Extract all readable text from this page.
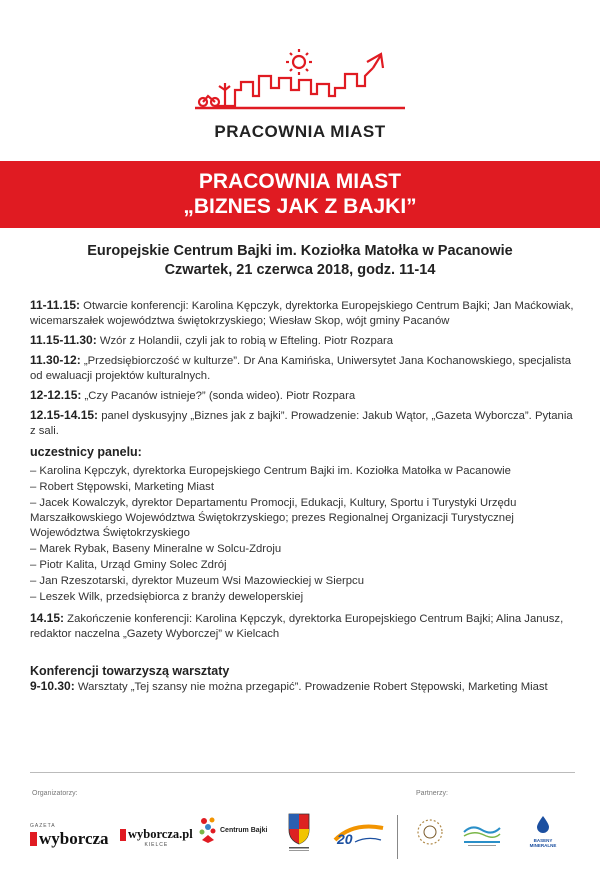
PRACOWNIA MIAST
PRACOWNIA MIAST
„BIZNES JAK Z BAJKI”
Europejskie Centrum Bajki im. Koziołka Matołka w Pacanowie
Czwartek, 21 czerwca 2018, godz. 11-14
11-11.15: Otwarcie konferencji: Karolina Kępczyk, dyrektorka Europejskiego Centrum Bajki; Jan Maćkowiak, wicemarszałek województwa świętokrzyskiego; Wiesław Skop, wójt gminy Pacanów
11.15-11.30: Wzór z Holandii, czyli jak to robią w Efteling. Piotr Rozpara
11.30-12: „Przedsiębiorczość w kulturze”. Dr Ana Kamińska, Uniwersytet Jana Kochanowskiego, specjalista od ewaluacji projektów kulturalnych.
12-12.15: „Czy Pacanów istnieje?” (sonda wideo). Piotr Rozpara
12.15-14.15: panel dyskusyjny „Biznes jak z bajki”. Prowadzenie: Jakub Wątor, „Gazeta Wyborcza”. Pytania z sali.
uczestnicy panelu:
– Karolina Kępczyk, dyrektorka Europejskiego Centrum Bajki im. Koziołka Matołka w Pacanowie
– Robert Stępowski, Marketing Miast
– Jacek Kowalczyk, dyrektor Departamentu Promocji, Edukacji, Kultury, Sportu i Turystyki Urzędu Marszałkowskiego Województwa Świętokrzyskiego; prezes Regionalnej Organizacji Turystycznej Województwa Świętokrzyskiego
– Marek Rybak, Baseny Mineralne w Solcu-Zdroju
– Piotr Kalita, Urząd Gminy Solec Zdrój
– Jan Rzeszotarski, dyrektor Muzeum Wsi Mazowieckiej w Sierpcu
– Leszek Wilk, przedsiębiorca z branży deweloperskiej
14.15: Zakończenie konferencji: Karolina Kępczyk, dyrektorka Europejskiego Centrum Bajki; Alina Janusz, redaktor naczelna „Gazety Wyborczej” w Kielcach
Konferencji towarzyszą warsztaty
9-10.30: Warsztaty „Tej szansy nie można przegapić”. Prowadzenie Robert Stępowski, Marketing Miast
Organizatorzy:	Partnerzy:
GAZETA
wyborcza wyborcza.pl
KIELCE
Centrum Bajki
20	BASENY MINERALNE
